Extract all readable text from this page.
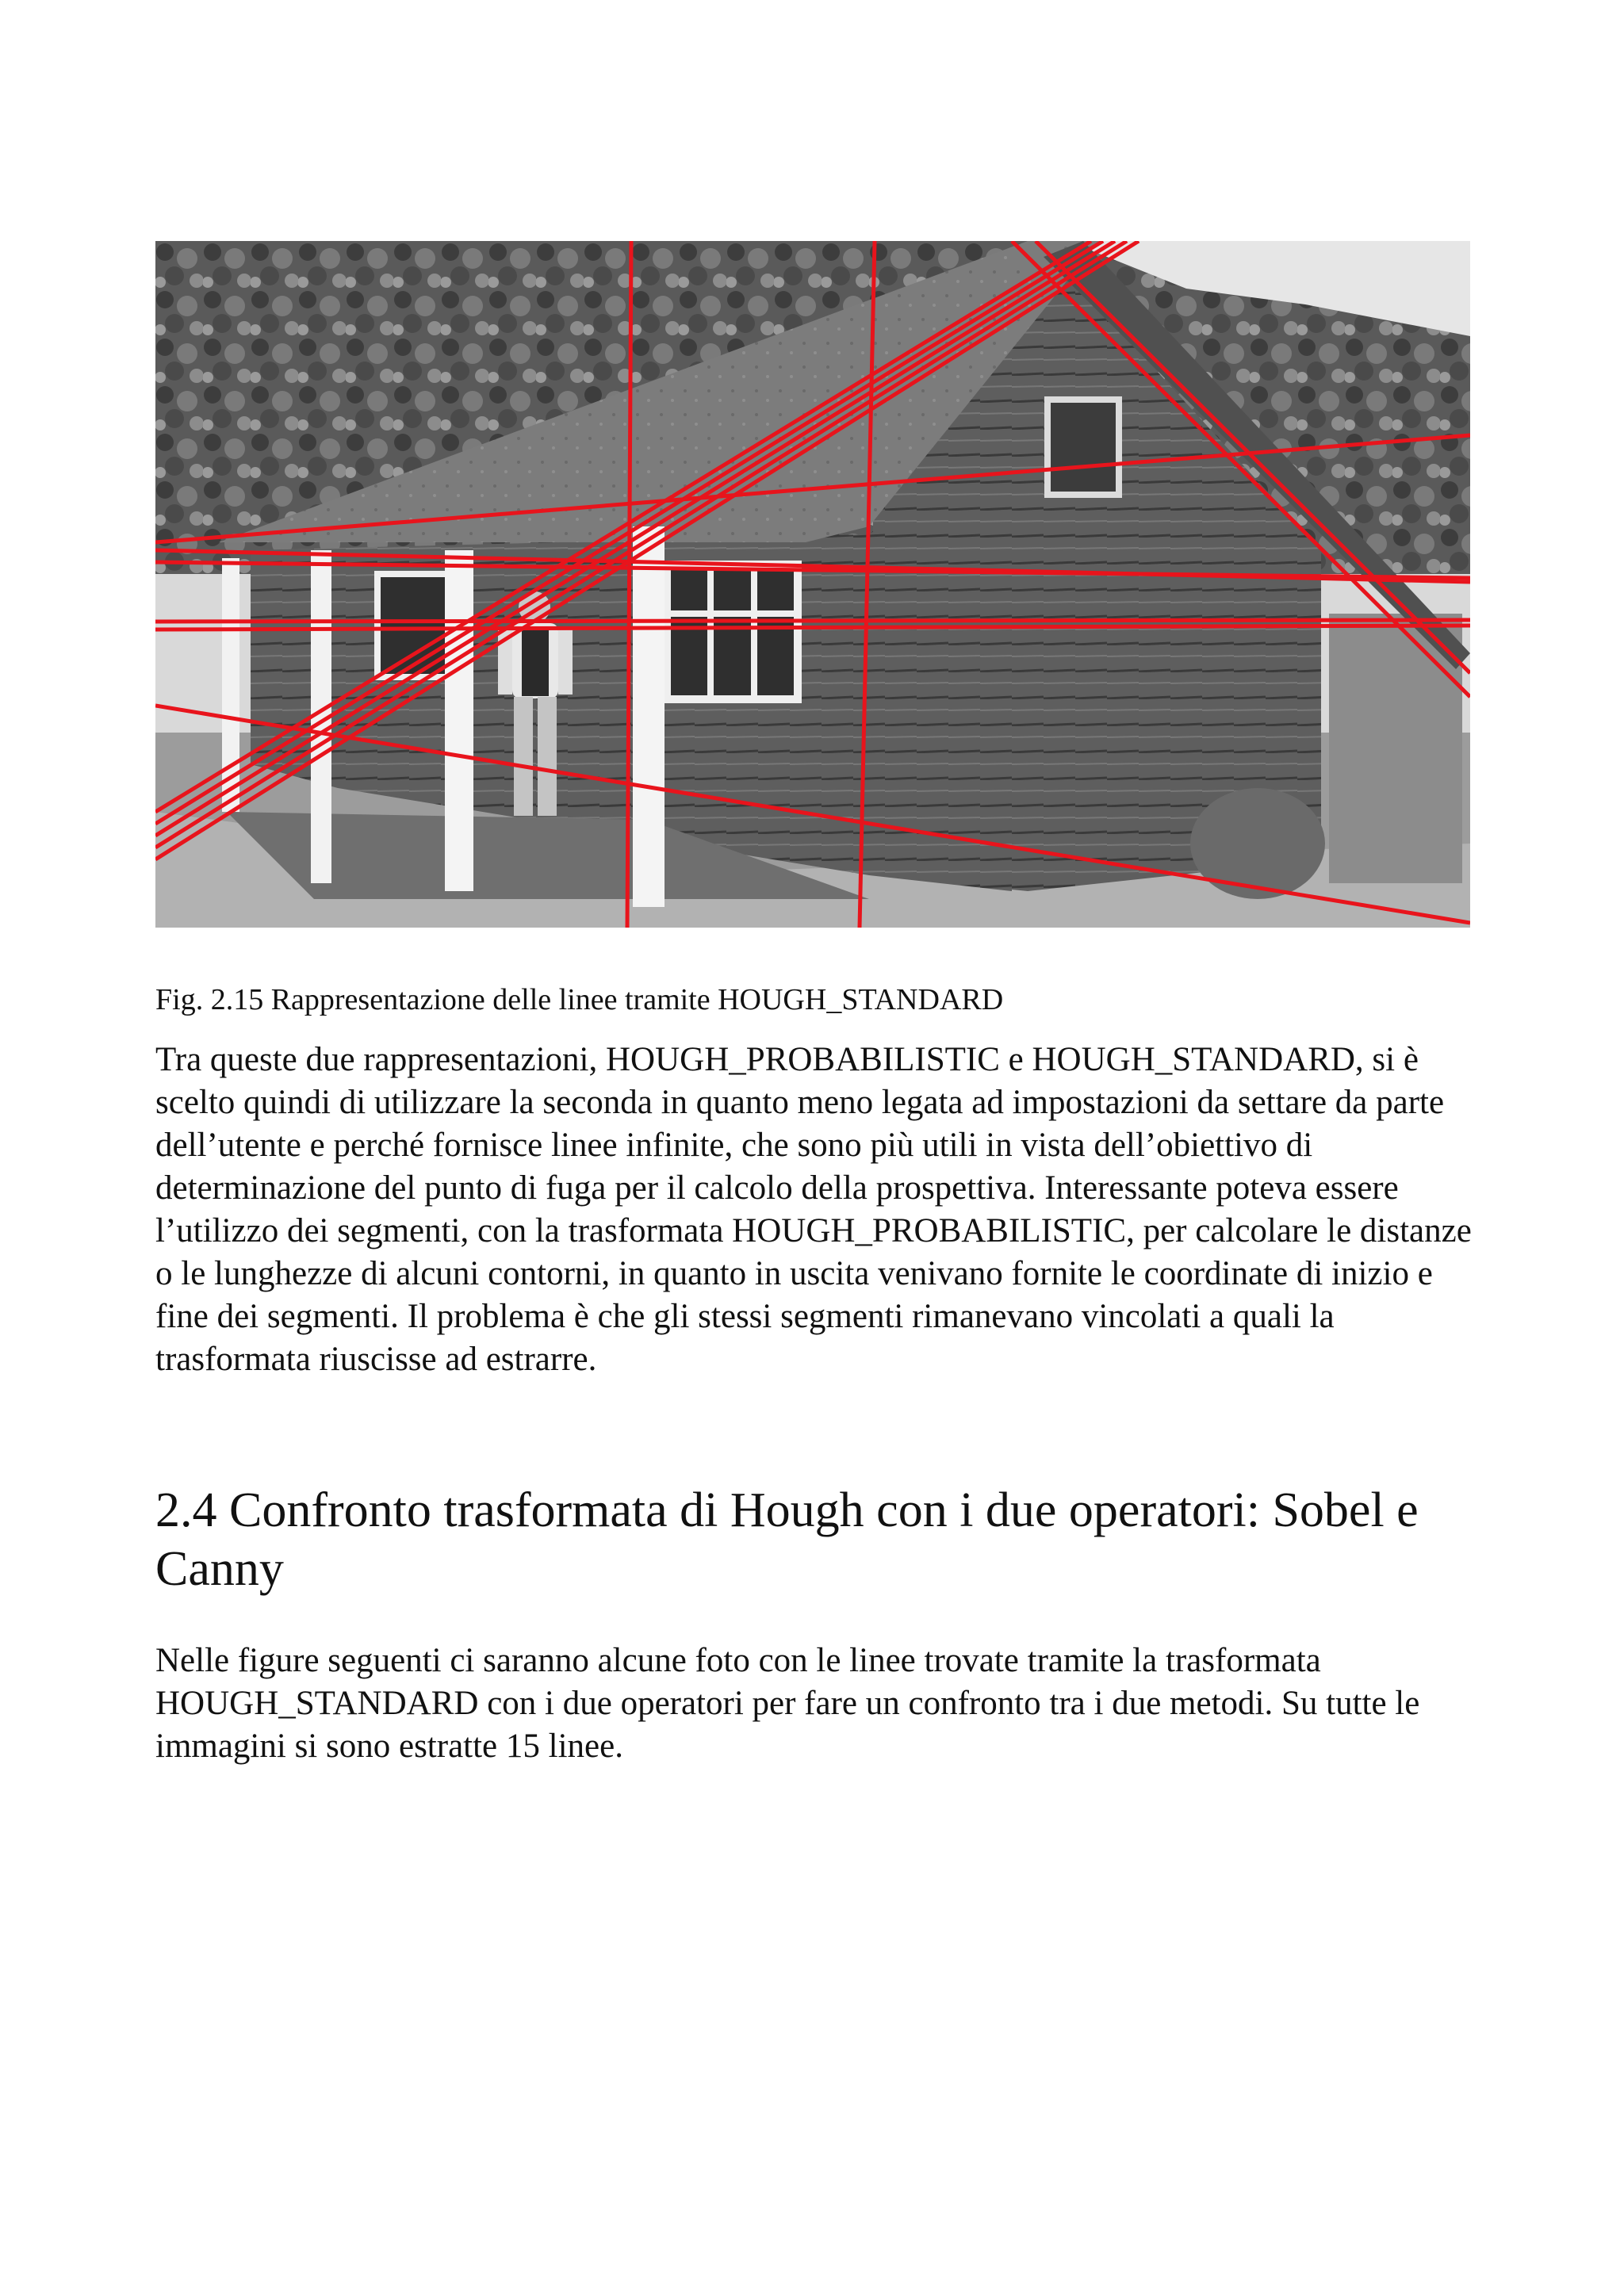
Fig. 2.15 Rappresentazione delle linee tramite HOUGH_STANDARD

Tra queste due rappresentazioni, HOUGH_PROBABILISTIC e HOUGH_STANDARD, si è scelto quindi di utilizzare la seconda in quanto meno legata ad impostazioni da settare da parte dell’utente e perché fornisce linee infinite, che sono più utili in vista dell’obiettivo di determinazione del punto di fuga per il calcolo della prospettiva. Interessante poteva essere l’utilizzo dei segmenti, con la trasformata HOUGH_PROBABILISTIC, per calcolare le distanze o le lunghezze di alcuni contorni, in quanto in uscita venivano fornite le coordinate di inizio e fine dei segmenti. Il problema è che gli stessi segmenti rimanevano vincolati a quali la trasformata riuscisse ad estrarre.

2.4 Confronto trasformata di Hough con i due operatori: Sobel e Canny

Nelle figure seguenti ci saranno alcune foto con le linee trovate tramite la trasformata HOUGH_STANDARD con i due operatori per fare un confronto tra i due metodi. Su tutte le immagini si sono estratte 15 linee.
